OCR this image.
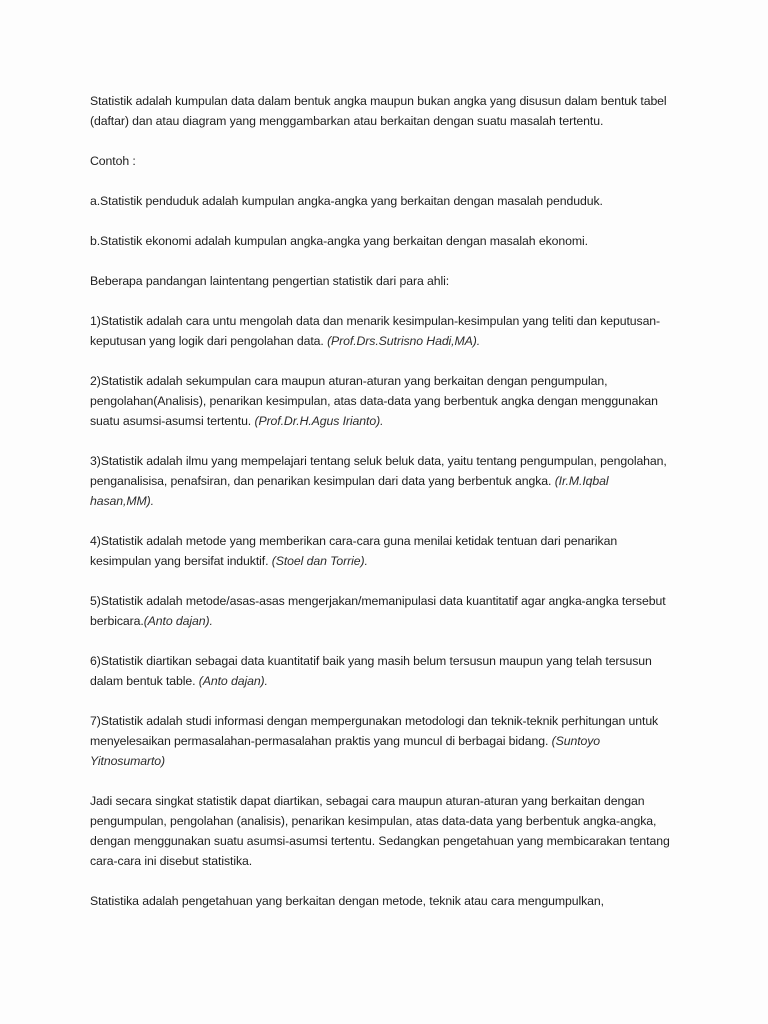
Statistik adalah kumpulan data dalam bentuk angka maupun bukan angka yang disusun dalam bentuk tabel (daftar) dan atau diagram yang menggambarkan atau berkaitan dengan suatu masalah tertentu.

Contoh :

a.Statistik penduduk adalah kumpulan angka-angka yang berkaitan dengan masalah penduduk.

b.Statistik ekonomi adalah kumpulan angka-angka yang berkaitan dengan masalah ekonomi.

Beberapa pandangan laintentang pengertian statistik dari para ahli:

1)Statistik adalah cara untu mengolah data dan menarik kesimpulan-kesimpulan yang teliti dan keputusan-keputusan yang logik dari pengolahan data. (Prof.Drs.Sutrisno Hadi,MA).

2)Statistik adalah sekumpulan cara maupun aturan-aturan yang berkaitan dengan pengumpulan, pengolahan(Analisis), penarikan kesimpulan, atas data-data yang berbentuk angka dengan menggunakan suatu asumsi-asumsi tertentu. (Prof.Dr.H.Agus Irianto).

3)Statistik adalah ilmu yang mempelajari tentang seluk beluk data, yaitu tentang pengumpulan, pengolahan, penganalisisa, penafsiran, dan penarikan kesimpulan dari data yang berbentuk angka. (Ir.M.Iqbal hasan,MM).

4)Statistik adalah metode yang memberikan cara-cara guna menilai ketidak tentuan dari penarikan kesimpulan yang bersifat induktif. (Stoel dan Torrie).

5)Statistik adalah metode/asas-asas mengerjakan/memanipulasi data kuantitatif agar angka-angka tersebut berbicara.(Anto dajan).

6)Statistik diartikan sebagai data kuantitatif baik yang masih belum tersusun maupun yang telah tersusun dalam bentuk table. (Anto dajan).

7)Statistik adalah studi informasi dengan mempergunakan metodologi dan teknik-teknik perhitungan untuk menyelesaikan permasalahan-permasalahan praktis yang muncul di berbagai bidang. (Suntoyo Yitnosumarto)

Jadi secara singkat statistik dapat diartikan, sebagai cara maupun aturan-aturan yang berkaitan dengan pengumpulan, pengolahan (analisis), penarikan kesimpulan, atas data-data yang berbentuk angka-angka, dengan menggunakan suatu asumsi-asumsi tertentu. Sedangkan pengetahuan yang membicarakan tentang cara-cara ini disebut statistika.

Statistika adalah pengetahuan yang berkaitan dengan metode, teknik atau cara mengumpulkan,
